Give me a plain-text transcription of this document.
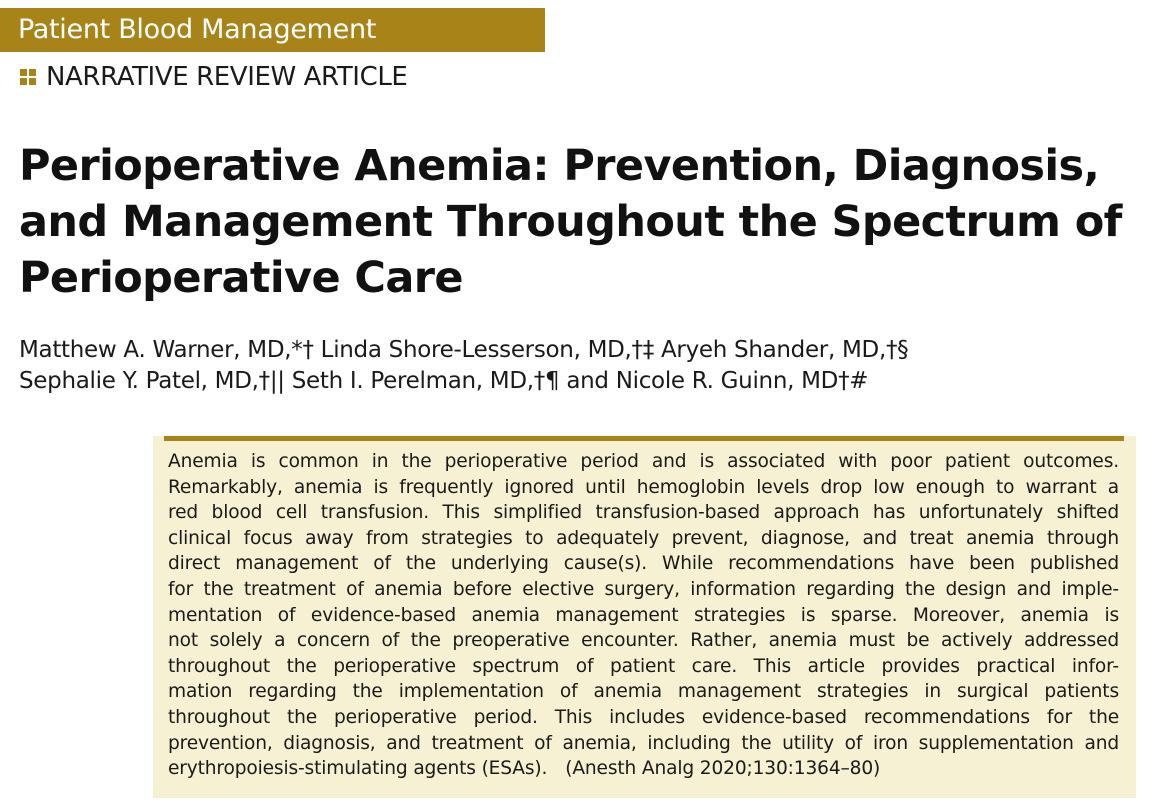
Patient Blood Management
NARRATIVE REVIEW ARTICLE
Perioperative Anemia: Prevention, Diagnosis,
and Management Throughout the Spectrum of
Perioperative Care
Matthew A. Warner, MD,*† Linda Shore-Lesserson, MD,†‡ Aryeh Shander, MD,†§
Sephalie Y. Patel, MD,†|| Seth I. Perelman, MD,†¶ and Nicole R. Guinn, MD†#
Anemia is common in the perioperative period and is associated with poor patient outcomes.
Remarkably, anemia is frequently ignored until hemoglobin levels drop low enough to warrant a
red blood cell transfusion. This simplified transfusion-based approach has unfortunately shifted
clinical focus away from strategies to adequately prevent, diagnose, and treat anemia through
direct management of the underlying cause(s). While recommendations have been published
for the treatment of anemia before elective surgery, information regarding the design and imple-
mentation of evidence-based anemia management strategies is sparse. Moreover, anemia is
not solely a concern of the preoperative encounter. Rather, anemia must be actively addressed
throughout the perioperative spectrum of patient care. This article provides practical infor-
mation regarding the implementation of anemia management strategies in surgical patients
throughout the perioperative period. This includes evidence-based recommendations for the
prevention, diagnosis, and treatment of anemia, including the utility of iron supplementation and
erythropoiesis-stimulating agents (ESAs). (Anesth Analg 2020;130:1364–80)
